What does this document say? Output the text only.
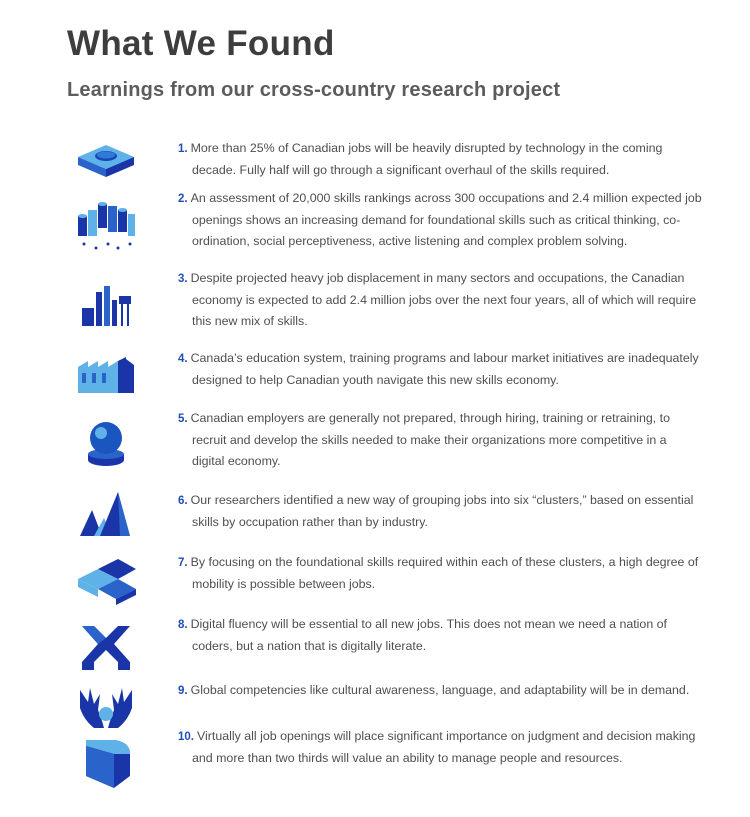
What We Found
Learnings from our cross-country research project

1. More than 25% of Canadian jobs will be heavily disrupted by technology in the coming decade. Fully half will go through a significant overhaul of the skills required.

2. An assessment of 20,000 skills rankings across 300 occupations and 2.4 million expected job openings shows an increasing demand for foundational skills such as critical thinking, co-ordination, social perceptiveness, active listening and complex problem solving.

3. Despite projected heavy job displacement in many sectors and occupations, the Canadian economy is expected to add 2.4 million jobs over the next four years, all of which will require this new mix of skills.

4. Canada’s education system, training programs and labour market initiatives are inadequately designed to help Canadian youth navigate this new skills economy.

5. Canadian employers are generally not prepared, through hiring, training or retraining, to recruit and develop the skills needed to make their organizations more competitive in a digital economy.

6. Our researchers identified a new way of grouping jobs into six “clusters,” based on essential skills by occupation rather than by industry.

7. By focusing on the foundational skills required within each of these clusters, a high degree of mobility is possible between jobs.

8. Digital fluency will be essential to all new jobs. This does not mean we need a nation of coders, but a nation that is digitally literate.

9. Global competencies like cultural awareness, language, and adaptability will be in demand.

10. Virtually all job openings will place significant importance on judgment and decision making and more than two thirds will value an ability to manage people and resources.
